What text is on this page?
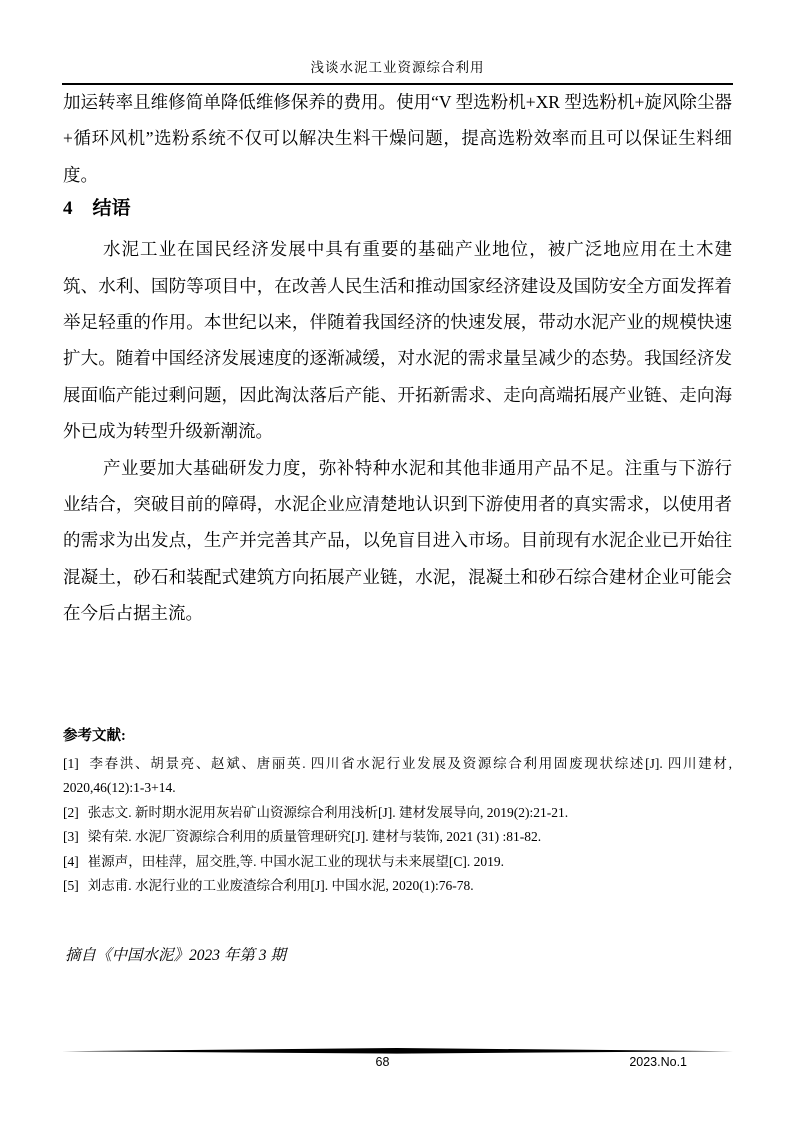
浅谈水泥工业资源综合利用

加运转率且维修简单降低维修保养的费用。使用“V 型选粉机+XR 型选粉机+旋风除尘器+循环风机”选粉系统不仅可以解决生料干燥问题，提高选粉效率而且可以保证生料细度。

4 结语

水泥工业在国民经济发展中具有重要的基础产业地位，被广泛地应用在土木建筑、水利、国防等项目中，在改善人民生活和推动国家经济建设及国防安全方面发挥着举足轻重的作用。本世纪以来，伴随着我国经济的快速发展，带动水泥产业的规模快速扩大。随着中国经济发展速度的逐渐减缓，对水泥的需求量呈减少的态势。我国经济发展面临产能过剩问题，因此淘汰落后产能、开拓新需求、走向高端拓展产业链、走向海外已成为转型升级新潮流。

产业要加大基础研发力度，弥补特种水泥和其他非通用产品不足。注重与下游行业结合，突破目前的障碍，水泥企业应清楚地认识到下游使用者的真实需求，以使用者的需求为出发点，生产并完善其产品，以免盲目进入市场。目前现有水泥企业已开始往混凝土，砂石和装配式建筑方向拓展产业链，水泥，混凝土和砂石综合建材企业可能会在今后占据主流。

参考文献:
[1] 李春洪、胡景亮、赵斌、唐丽英. 四川省水泥行业发展及资源综合利用固废现状综述[J]. 四川建材, 2020,46(12):1-3+14.
[2] 张志文. 新时期水泥用灰岩矿山资源综合利用浅析[J]. 建材发展导向, 2019(2):21-21.
[3] 梁有荣. 水泥厂资源综合利用的质量管理研究[J]. 建材与装饰, 2021 (31) :81-82.
[4] 崔源声，田桂萍，屈交胜,等. 中国水泥工业的现状与未来展望[C]. 2019.
[5] 刘志甫. 水泥行业的工业废渣综合利用[J]. 中国水泥, 2020(1):76-78.
摘自《中国水泥》2023 年第 3 期
68	2023.No.1
